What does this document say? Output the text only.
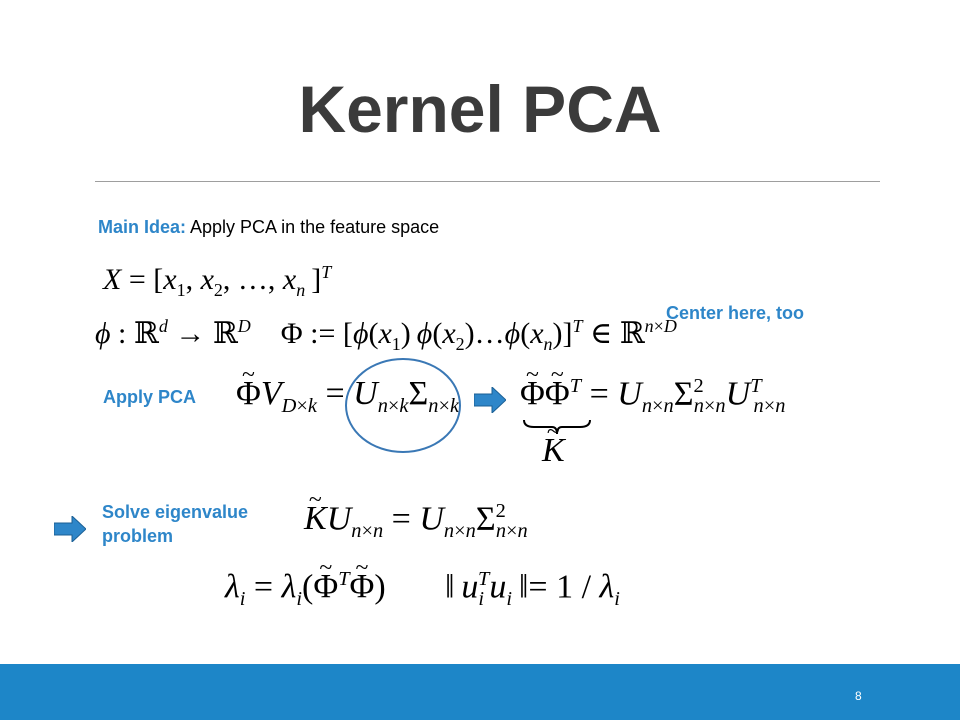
Kernel PCA
Main Idea: Apply PCA in the feature space
$X = [x_1$, $x_2$, …, $x_n$ ]$^T$
ϕ : ℝ$^d$ → ℝ$^D$    Φ := [$\phi(x_1)$ $\phi(x_2)\dots\phi(x_n)]^T$ ∈ ℝ$^{n\times D}$
Center here, too
Apply PCA ~ $\Phi V_{D\times k} = U_{n\times k}\Sigma_{n\times k}$ ~ Φ~ $\Phi^T = U_{n\times n}\Sigma^2_{n\times n}U^T_{n\times n}$
~ K
Solve eigenvalue
problem	~ $KU_{n\times n} = U_{n\times n}\Sigma^2_{n\times n}$
$\lambda_i$ = $\lambda_i(\sim$ $\Phi^T\sim$ Φ) ‖ $u_i^Tu_i$ ‖= $1 / \lambda_i$
8
